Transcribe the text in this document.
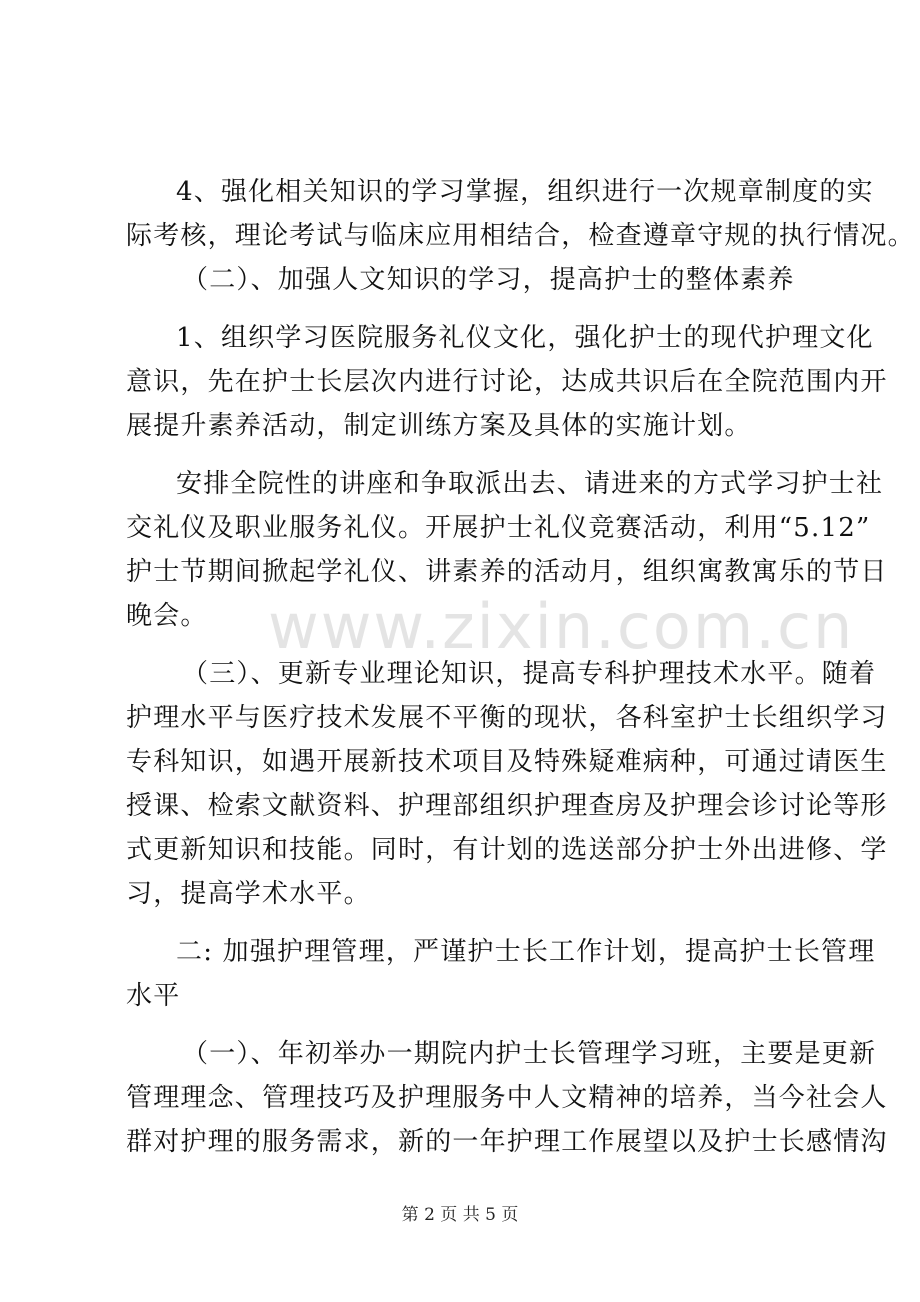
www.zixin.com.cn
4、强化相关知识的学习掌握，组织进行一次规章制度的实
际考核，理论考试与临床应用相结合，检查遵章守规的执行情况。
（二）、加强人文知识的学习，提高护士的整体素养
1、组织学习医院服务礼仪文化，强化护士的现代护理文化
意识，先在护士长层次内进行讨论，达成共识后在全院范围内开
展提升素养活动，制定训练方案及具体的实施计划。
安排全院性的讲座和争取派出去、请进来的方式学习护士社
交礼仪及职业服务礼仪。开展护士礼仪竞赛活动，利用“5.12”
护士节期间掀起学礼仪、讲素养的活动月，组织寓教寓乐的节日
晚会。
（三）、更新专业理论知识，提高专科护理技术水平。随着
护理水平与医疗技术发展不平衡的现状，各科室护士长组织学习
专科知识，如遇开展新技术项目及特殊疑难病种，可通过请医生
授课、检索文献资料、护理部组织护理查房及护理会诊讨论等形
式更新知识和技能。同时，有计划的选送部分护士外出进修、学
习，提高学术水平。
二: 加强护理管理，严谨护士长工作计划，提高护士长管理
水平
（一）、年初举办一期院内护士长管理学习班，主要是更新
管理理念、管理技巧及护理服务中人文精神的培养，当今社会人
群对护理的服务需求，新的一年护理工作展望以及护士长感情沟
第 2 页 共 5 页
